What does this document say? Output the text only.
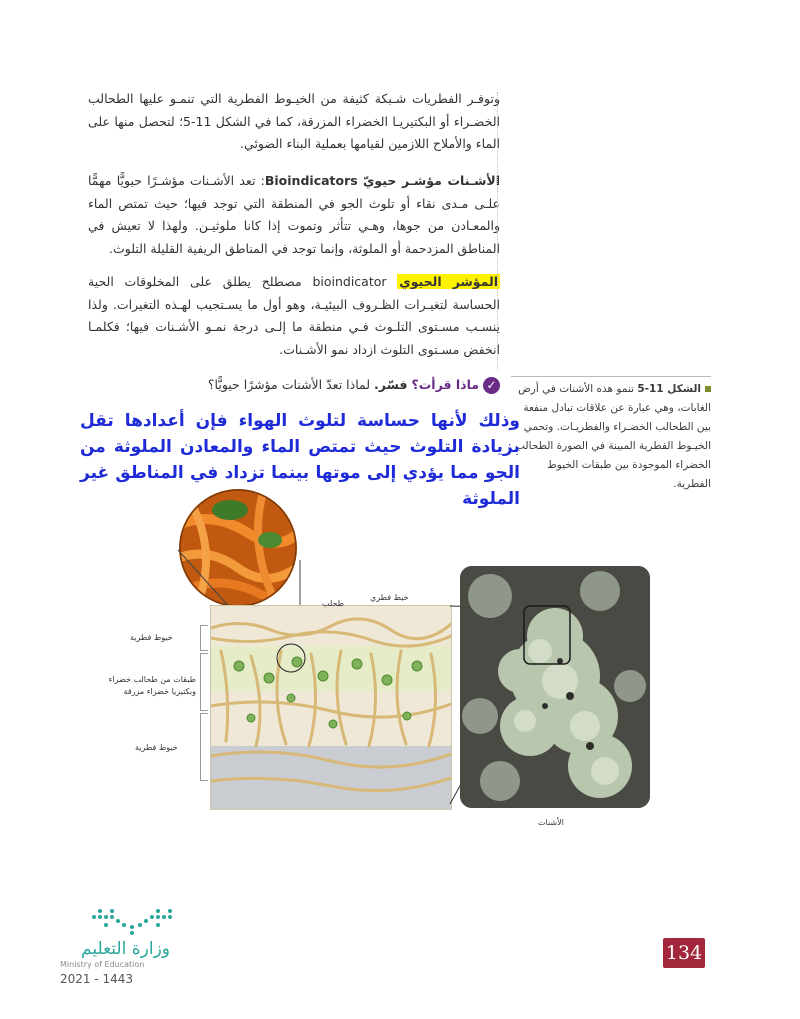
وتوفـر الفطريات شـبكة كثيفة من الخيـوط الفطرية التي تنمـو عليها الطحالب الخضـراء أو البكتيريـا الخضراء المزرقة، كما في الشكل 11-5؛ لتحصل منها على الماء والأملاح اللازمين لقيامها بعملية البناء الضوئي.

الأشـنات مؤشـر حيويّ Bioindicators: تعد الأشـنات مؤشـرًا حيويًّا مهمًّا علـى مـدى نقاء أو تلوث الجو في المنطقة التي توجد فيها؛ حيث تمتص الماء والمعـادن من جوها، وهـي تتأثر وتموت إذا كانا ملوثيـن. ولهذا لا تعيش في المناطق المزدحمة أو الملوثة، وإنما توجد في المناطق الريفية القليلة التلوث.

المؤشر الحيوي bioindicator مصطلح يطلق على المخلوقات الحية الحساسة لتغيـرات الظـروف البيئيـة، وهو أول ما يسـتجيب لهـذه التغيرات. ولذا ينسـب مسـتوى التلـوث فـي منطقة ما إلـى درجة نمـو الأشـنات فيها؛ فكلمـا انخفض مسـتوى التلوث ازداد نمو الأشـنات.

✓ ماذا قرأت؟ فسّر. لماذا تعدّ الأشنات مؤشرًا حيويًّا؟	الشكل 11-5 تنمو هذه الأشنات في أرض الغابات، وهي عبارة عن علاقات تبادل منفعة بين الطحالب الخضـراء والفطريـات. وتحمي الخيـوط الفطرية المبينة في الصورة الطحالب الخضراء الموجودة بين طبقات الخيوط الفطرية.
وذلك لأنها حساسة لتلوث الهواء فإن أعدادها تقل بزيادة التلوث حيث تمتص الماء والمعادن الملوثة من الجو مما يؤدي إلى موتها بينما تزداد في المناطق غير الملوثة
خيط فطري
طحلب
خيوط فطرية
طبقات من طحالب خضراء وبكتيريا خضراء مزرقة
خيوط فطرية
الأشنات
وزارة التعليم
Ministry of Education
2021 - 1443
134
